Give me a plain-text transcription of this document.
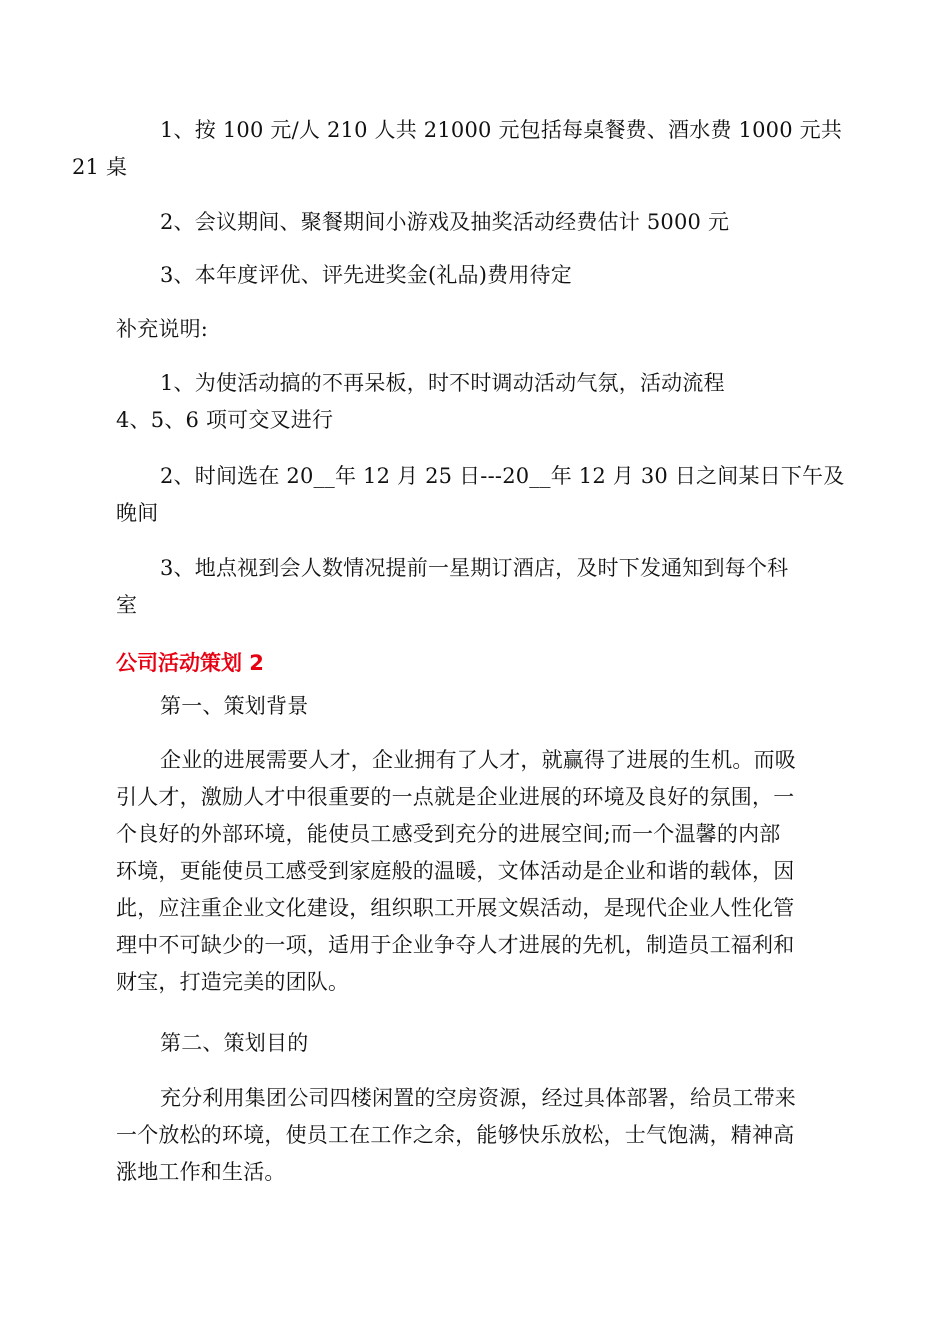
1、按 100 元/人 210 人共 21000 元包括每桌餐费、酒水费 1000 元共
21 桌
2、会议期间、聚餐期间小游戏及抽奖活动经费估计 5000 元
3、本年度评优、评先进奖金(礼品)费用待定
补充说明:
1、为使活动搞的不再呆板，时不时调动活动气氛，活动流程
4、5、6 项可交叉进行
2、时间选在 20__年 12 月 25 日---20__年 12 月 30 日之间某日下午及
晚间
3、地点视到会人数情况提前一星期订酒店，及时下发通知到每个科
室
公司活动策划 2
第一、策划背景
企业的进展需要人才，企业拥有了人才，就赢得了进展的生机。而吸
引人才，激励人才中很重要的一点就是企业进展的环境及良好的氛围，一
个良好的外部环境，能使员工感受到充分的进展空间;而一个温馨的内部
环境，更能使员工感受到家庭般的温暖，文体活动是企业和谐的载体，因
此，应注重企业文化建设，组织职工开展文娱活动，是现代企业人性化管
理中不可缺少的一项，适用于企业争夺人才进展的先机，制造员工福利和
财宝，打造完美的团队。
第二、策划目的
充分利用集团公司四楼闲置的空房资源，经过具体部署，给员工带来
一个放松的环境，使员工在工作之余，能够快乐放松，士气饱满，精神高
涨地工作和生活。
